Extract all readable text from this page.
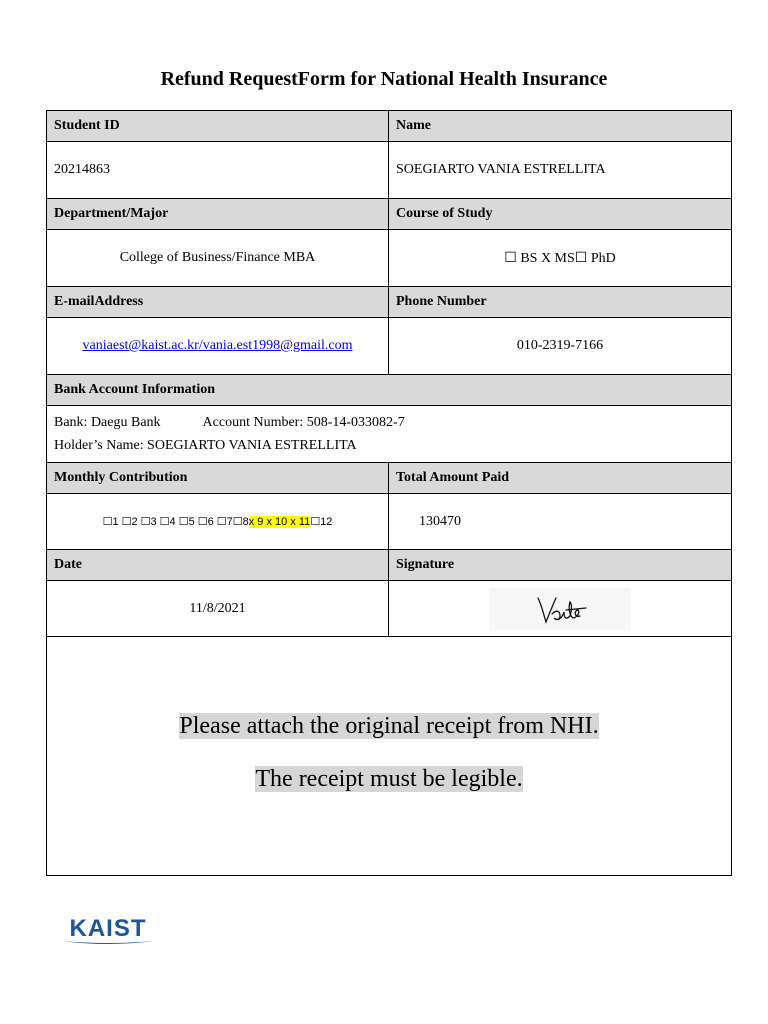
Refund RequestForm for National Health Insurance
Student ID	Name
20214863	SOEGIARTO VANIA ESTRELLITA
Department/Major	Course of Study
College of Business/Finance MBA	☐ BS X MS☐ PhD
E-mailAddress	Phone Number
vaniaest@kaist.ac.kr/vania.est1998@gmail.com	010-2319-7166
Bank Account Information
Bank: Daegu Bank	Account Number: 508-14-033082-7
Holder’s Name: SOEGIARTO VANIA ESTRELLITA
Monthly Contribution	Total Amount Paid
☐1 ☐2 ☐3 ☐4 ☐5 ☐6 ☐7☐8 x 9 x 10 x 11 ☐12	130470
Date	Signature
11/8/2021
Please attach the original receipt from NHI.
The receipt must be legible.
KAIST
